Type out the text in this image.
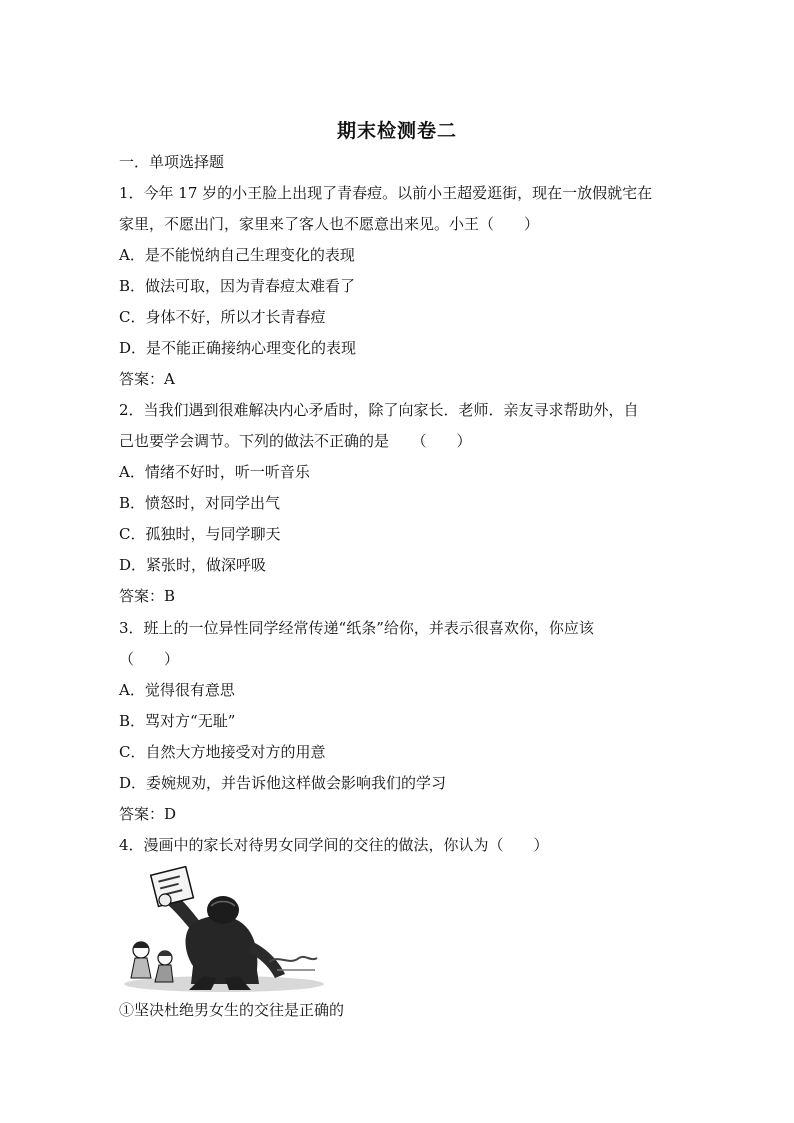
期末检测卷二
一．单项选择题
1．今年 17 岁的小王脸上出现了青春痘。以前小王超爱逛街，现在一放假就宅在
家里，不愿出门，家里来了客人也不愿意出来见。小王（　　）
A．是不能悦纳自己生理变化的表现
B．做法可取，因为青春痘太难看了
C．身体不好，所以才长青春痘
D．是不能正确接纳心理变化的表现
答案：A
2．当我们遇到很难解决内心矛盾时，除了向家长．老师．亲友寻求帮助外，自
己也要学会调节。下列的做法不正确的是　　（　　）
A．情绪不好时，听一听音乐
B．愤怒时，对同学出气
C．孤独时，与同学聊天
D．紧张时，做深呼吸
答案：B
3．班上的一位异性同学经常传递“纸条”给你，并表示很喜欢你，你应该
（　　）
A．觉得很有意思
B．骂对方“无耻”
C．自然大方地接受对方的用意
D．委婉规劝，并告诉他这样做会影响我们的学习
答案：D
4．漫画中的家长对待男女同学间的交往的做法，你认为（　　）
①坚决杜绝男女生的交往是正确的
